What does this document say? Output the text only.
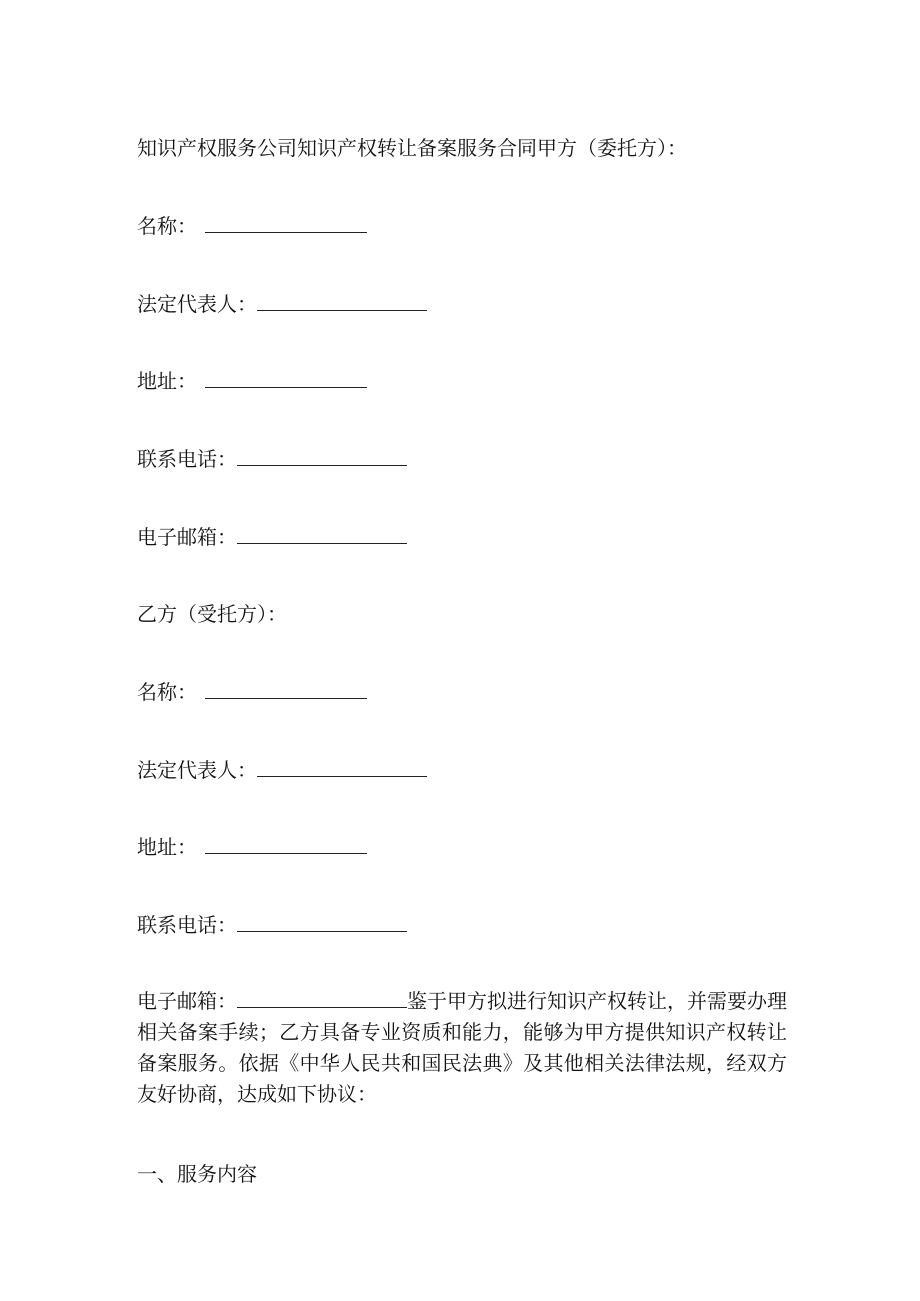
知识产权服务公司知识产权转让备案服务合同甲方（委托方）：
名称：
法定代表人：
地址：
联系电话：
电子邮箱：
乙方（受托方）：
名称：
法定代表人：
地址：
联系电话：
电子邮箱：	鉴于甲方拟进行知识产权转让，并需要办理相关备案手续；乙方具备专业资质和能力，能够为甲方提供知识产权转让备案服务。依据《中华人民共和国民法典》及其他相关法律法规，经双方友好协商，达成如下协议：
一、服务内容
